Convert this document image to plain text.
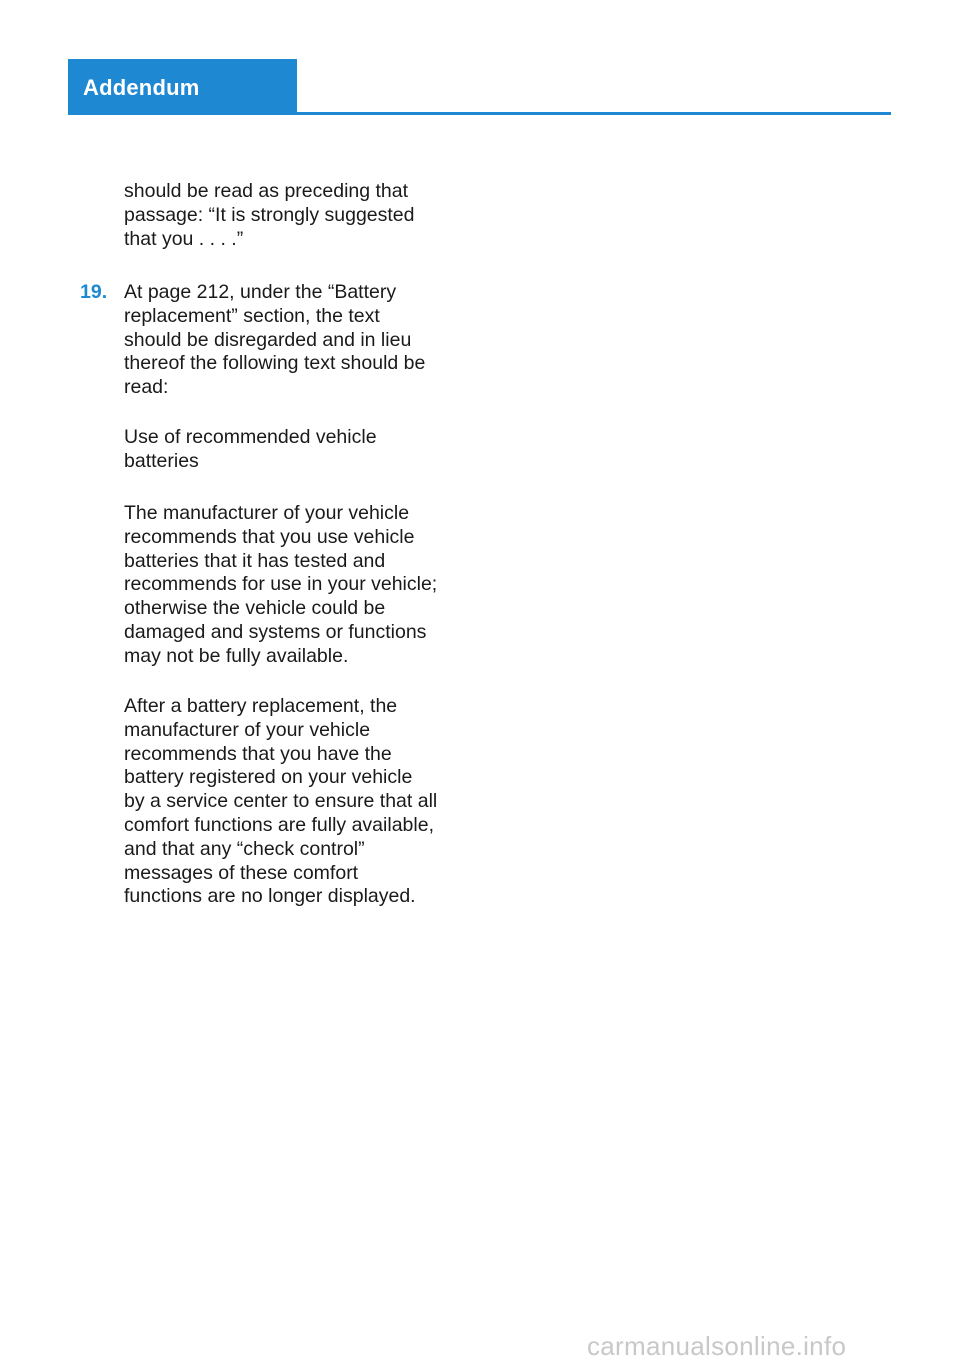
Addendum

should be read as preceding that
passage: “It is strongly suggested
that you . . . .”

19. At page 212, under the “Battery
replacement” section, the text
should be disregarded and in lieu
thereof the following text should be
read:

Use of recommended vehicle
batteries

The manufacturer of your vehicle
recommends that you use vehicle
batteries that it has tested and
recommends for use in your vehicle;
otherwise the vehicle could be
damaged and systems or functions
may not be fully available.

After a battery replacement, the
manufacturer of your vehicle
recommends that you have the
battery registered on your vehicle
by a service center to ensure that all
comfort functions are fully available,
and that any “check control”
messages of these comfort
functions are no longer displayed.

carmanualsonline.info
